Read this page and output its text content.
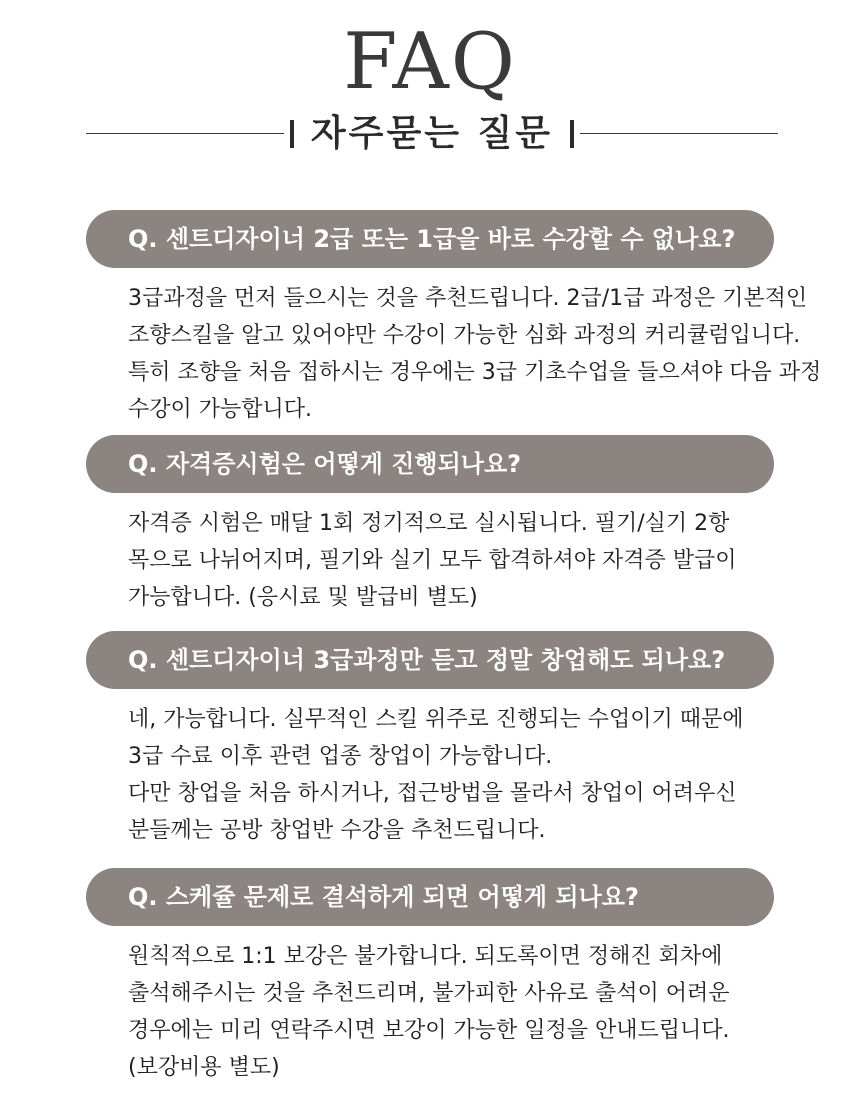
FAQ
자주묻는 질문
Q. 센트디자이너 2급 또는 1급을 바로 수강할 수 없나요?
3급과정을 먼저 들으시는 것을 추천드립니다. 2급/1급 과정은 기본적인
조향스킬을 알고 있어야만 수강이 가능한 심화 과정의 커리큘럼입니다.
특히 조향을 처음 접하시는 경우에는 3급 기초수업을 들으셔야 다음 과정
수강이 가능합니다.
Q. 자격증시험은 어떻게 진행되나요?
자격증 시험은 매달 1회 정기적으로 실시됩니다. 필기/실기 2항
목으로 나뉘어지며, 필기와 실기 모두 합격하셔야 자격증 발급이
가능합니다. (응시료 및 발급비 별도)
Q. 센트디자이너 3급과정만 듣고 정말 창업해도 되나요?
네, 가능합니다. 실무적인 스킬 위주로 진행되는 수업이기 때문에
3급 수료 이후 관련 업종 창업이 가능합니다.
다만 창업을 처음 하시거나, 접근방법을 몰라서 창업이 어려우신
분들께는 공방 창업반 수강을 추천드립니다.
Q. 스케쥴 문제로 결석하게 되면 어떻게 되나요?
원칙적으로 1:1 보강은 불가합니다. 되도록이면 정해진 회차에
출석해주시는 것을 추천드리며, 불가피한 사유로 출석이 어려운
경우에는 미리 연락주시면 보강이 가능한 일정을 안내드립니다.
(보강비용 별도)
